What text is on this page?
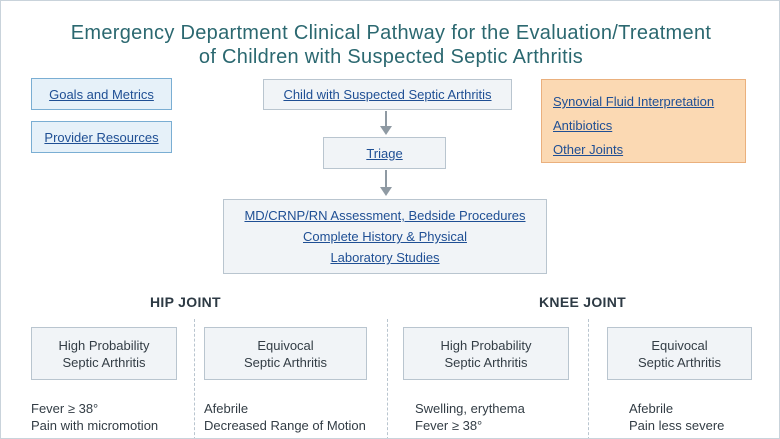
Emergency Department Clinical Pathway for the Evaluation/Treatment
of Children with Suspected Septic Arthritis
Goals and Metrics
Provider Resources
Child with Suspected Septic Arthritis
Triage
MD/CRNP/RN Assessment, Bedside Procedures
Complete History & Physical
Laboratory Studies
Synovial Fluid Interpretation
Antibiotics
Other Joints
HIP JOINT	KNEE JOINT
High Probability
Septic Arthritis
Equivocal
Septic Arthritis
High Probability
Septic Arthritis
Equivocal
Septic Arthritis
Fever ≥ 38°
Pain with micromotion
Afebrile
Decreased Range of Motion
Swelling, erythema
Fever ≥ 38°
Afebrile
Pain less severe
